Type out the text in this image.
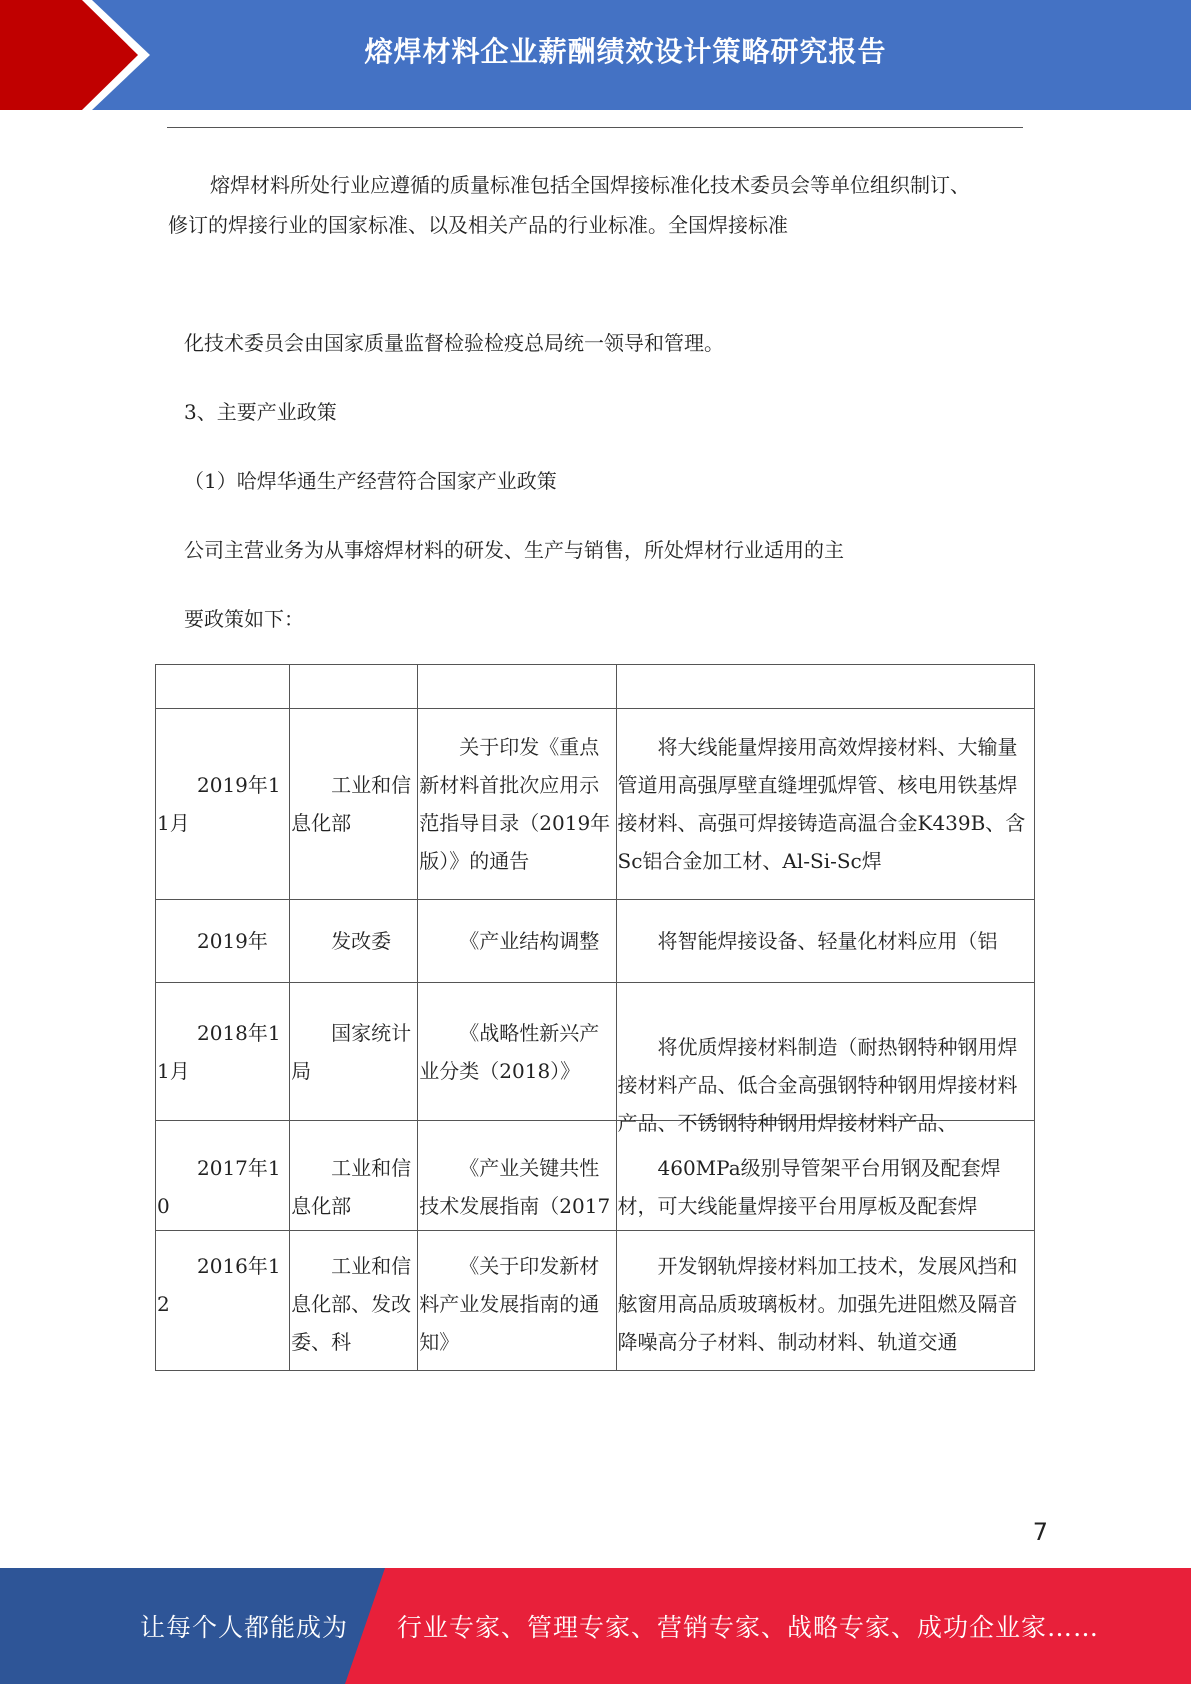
熔焊材料企业薪酬绩效设计策略研究报告
熔焊材料所处行业应遵循的质量标准包括全国焊接标准化技术委员会等单位组织制订、
修订的焊接行业的国家标准、以及相关产品的行业标准。全国焊接标准
化技术委员会由国家质量监督检验检疫总局统一领导和管理。
3、主要产业政策
（1）哈焊华通生产经营符合国家产业政策
公司主营业务为从事熔焊材料的研发、生产与销售，所处焊材行业适用的主
要政策如下：

2019年11月	工业和信息化部	关于印发《重点新材料首批次应用示范指导目录（2019年版）》的通告	将大线能量焊接用高效焊接材料、大输量管道用高强厚壁直缝埋弧焊管、核电用铁基焊接材料、高强可焊接铸造高温合金K439B、含Sc铝合金加工材、Al-Si-Sc焊

2019年	发改委	《产业结构调整	将智能焊接设备、轻量化材料应用（铝

2018年11月	国家统计局	《战略性新兴产业分类（2018）》	将优质焊接材料制造（耐热钢特种钢用焊接材料产品、低合金高强钢特种钢用焊接材料产品、不锈钢特种钢用焊接材料产品、

2017年10	工业和信息化部	《产业关键共性技术发展指南（2017	460MPa级别导管架平台用钢及配套焊材，可大线能量焊接平台用厚板及配套焊

2016年12	工业和信息化部、发改委、科	《关于印发新材料产业发展指南的通知》	开发钢轨焊接材料加工技术，发展风挡和舷窗用高品质玻璃板材。加强先进阻燃及隔音降噪高分子材料、制动材料、轨道交通
7
让每个人都能成为 行业专家、管理专家、营销专家、战略专家、成功企业家……
